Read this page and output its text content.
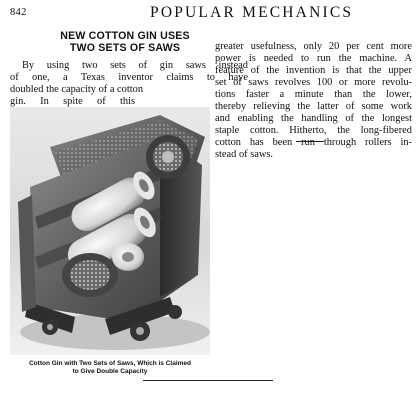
842	POPULAR MECHANICS
NEW COTTON GIN USES
TWO SETS OF SAWS
By using two sets of gin saws instead
of one, a Texas inventor claims to have
doubled the capacity of a cotton
gin. In spite of this
Cotton Gin with Two Sets of Saws, Which is Claimed
to Give Double Capacity
greater usefulness, only 20 per cent more
power is needed to run the machine. A
feature of the invention is that the upper
set of saws revolves 100 or more revolu-
tions faster a minute than the lower,
thereby relieving the latter of some work
and enabling the handling of the longest
staple cotton. Hitherto, the long-fibered
cotton has been run through rollers in-
stead of saws.
